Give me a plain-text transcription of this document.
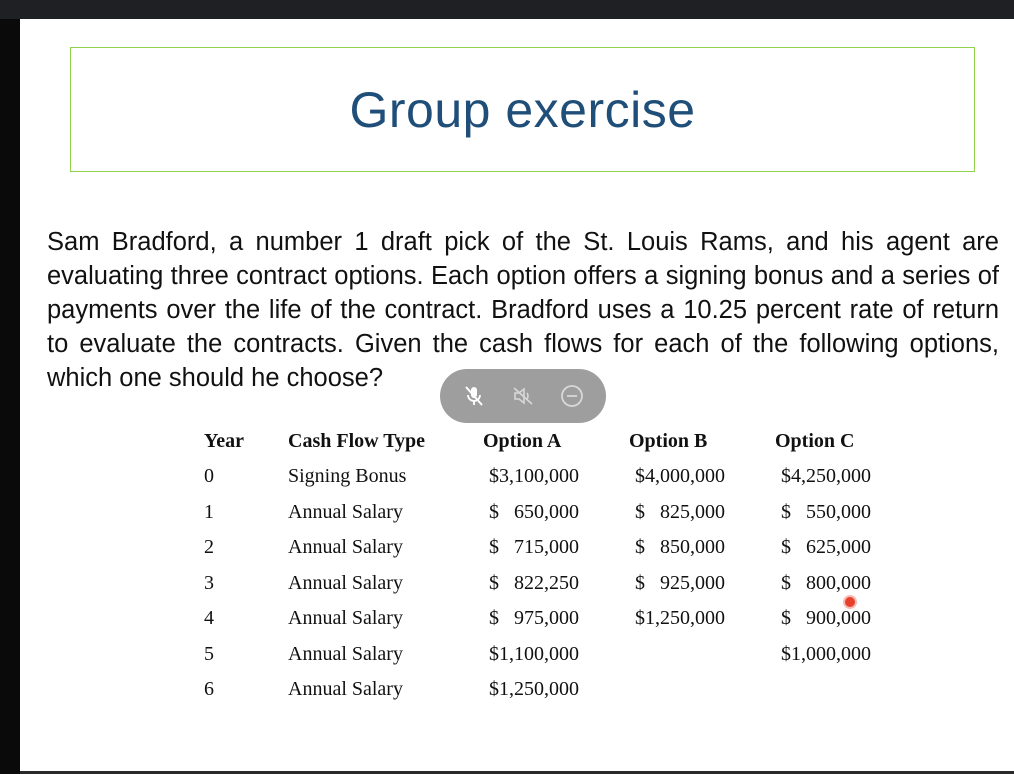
Group exercise
Sam Bradford, a number 1 draft pick of the St. Louis Rams, and his agent are evaluating three contract options. Each option offers a signing bonus and a series of payments over the life of the contract. Bradford uses a 10.25 percent rate of return to evaluate the contracts. Given the cash flows for each of the following options, which one should he choose?
Year	Cash Flow Type	Option A	Option B	Option C
0	Signing Bonus	$3,100,000	$4,000,000	$4,250,000
1	Annual Salary	$   650,000	$   825,000	$   550,000
2	Annual Salary	$   715,000	$   850,000	$   625,000
3	Annual Salary	$   822,250	$   925,000	$   800,000
4	Annual Salary	$   975,000	$1,250,000	$   900,000
5	Annual Salary	$1,100,000		$1,000,000
6	Annual Salary	$1,250,000		
